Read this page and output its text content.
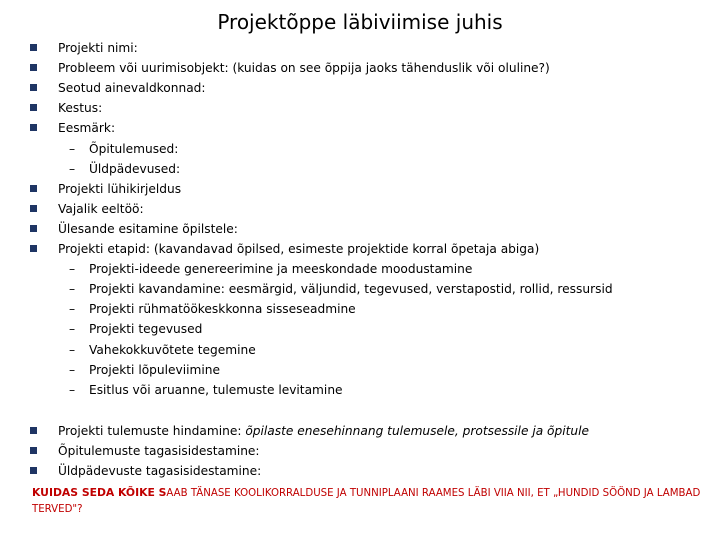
Projektõppe läbiviimise juhis
Projekti nimi:
Probleem või uurimisobjekt: (kuidas on see õppija jaoks tähenduslik või oluline?)
Seotud ainevaldkonnad:
Kestus:
Eesmärk:
– Õpitulemused:
– Üldpädevused:
Projekti lühikirjeldus
Vajalik eeltöö:
Ülesande esitamine õpilstele:
Projekti etapid: (kavandavad õpilsed, esimeste projektide korral õpetaja abiga)
– Projekti-ideede genereerimine ja meeskondade moodustamine
– Projekti kavandamine: eesmärgid, väljundid, tegevused, verstapostid, rollid, ressursid
– Projekti rühmatöökeskkonna sisseseadmine
– Projekti tegevused
– Vahekokkuvõtete tegemine
– Projekti lõpuleviimine
– Esitlus või aruanne, tulemuste levitamine
Projekti tulemuste hindamine: õpilaste enesehinnang tulemusele, protsessile ja õpitule
Õpitulemuste tagasisidestamine:
Üldpädevuste tagasisidestamine:
KUIDAS SEDA KÕIKE SAAB TÄNASE KOOLIKORRALDUSE JA TUNNIPLAANI RAAMES LÄBI VIIA NII, ET „HUNDID SÖÖND JA LAMBAD TERVED"?
